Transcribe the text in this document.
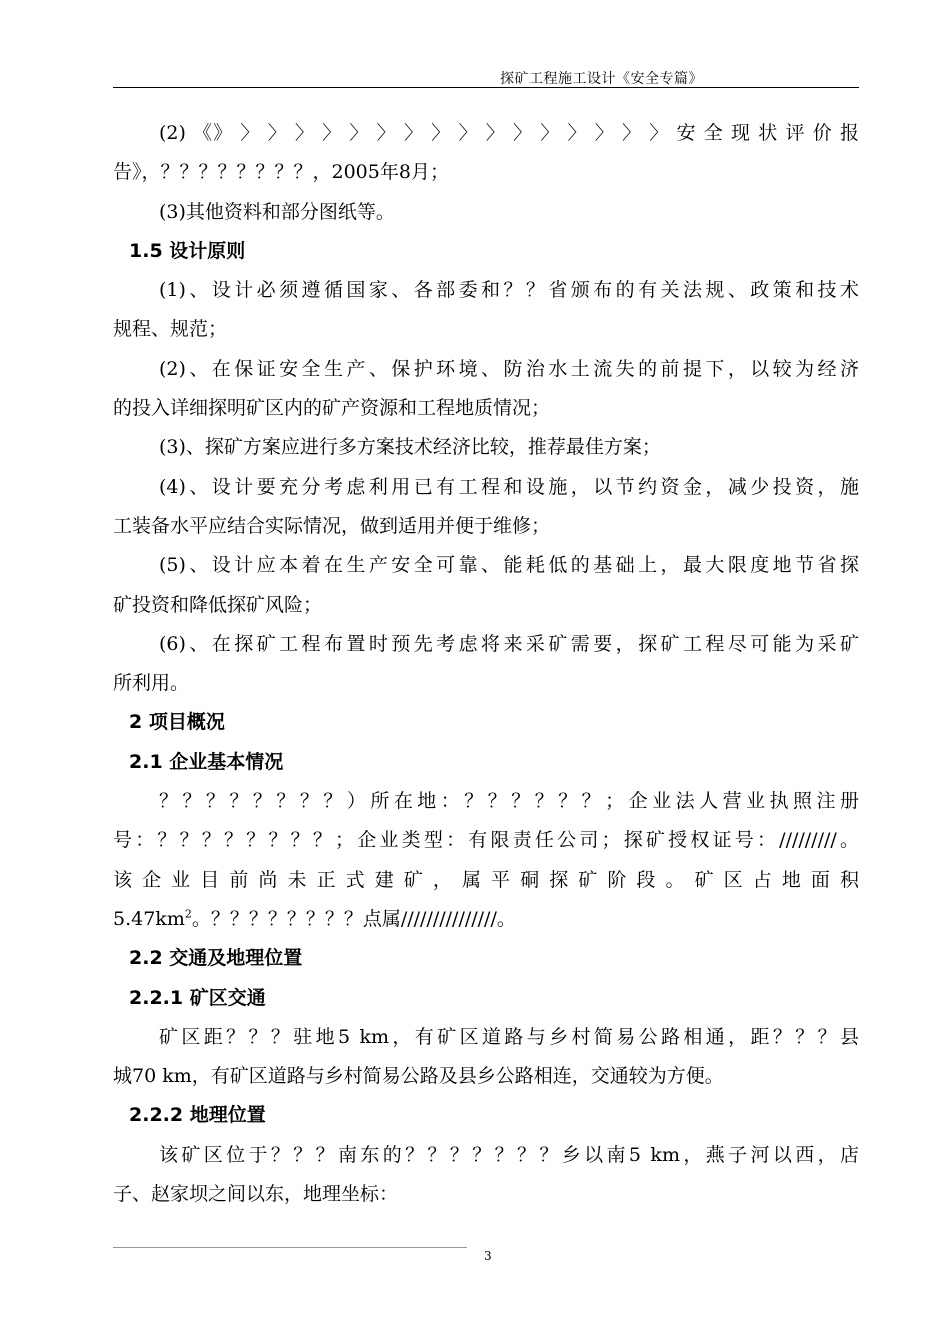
探矿工程施工设计《安全专篇》
(2) 《》 〉 〉 〉 〉 〉 〉 〉 〉 〉 〉 〉 〉 〉 〉 〉 〉 安 全 现 状 评 价 报
告》，？？？？？？？？，2005年8月；
(3)其他资料和部分图纸等。
1.5 设计原则
(1)、设计必须遵循国家、各部委和？？省颁布的有关法规、政策和技术
规程、规范；
(2)、在保证安全生产、保护环境、防治水土流失的前提下，以较为经济
的投入详细探明矿区内的矿产资源和工程地质情况；
(3)、探矿方案应进行多方案技术经济比较，推荐最佳方案；
(4)、设计要充分考虑利用已有工程和设施，以节约资金，减少投资，施
工装备水平应结合实际情况，做到适用并便于维修；
(5)、设计应本着在生产安全可靠、能耗低的基础上，最大限度地节省探
矿投资和降低探矿风险；
(6)、在探矿工程布置时预先考虑将来采矿需要，探矿工程尽可能为采矿
所利用。
2 项目概况
2.1 企业基本情况
？？？？？？？？）所在地：？？？？？？；企业法人营业执照注册
号：？？？？？？？？；企业类型：有限责任公司；探矿授权证号：/////////。
该企业目前尚未正式建矿，属平硐探矿阶段。矿区占地面积
$5.47km^2$。？？？？？？？？点属///////////////。
2.2 交通及地理位置
2.2.1 矿区交通
矿区距？？？驻地5 km，有矿区道路与乡村简易公路相通，距？？？县
城70 km，有矿区道路与乡村简易公路及县乡公路相连，交通较为方便。
2.2.2 地理位置
该矿区位于？？？南东的？？？？？？？乡以南5 km，燕子河以西，店
子、赵家坝之间以东，地理坐标：
3
